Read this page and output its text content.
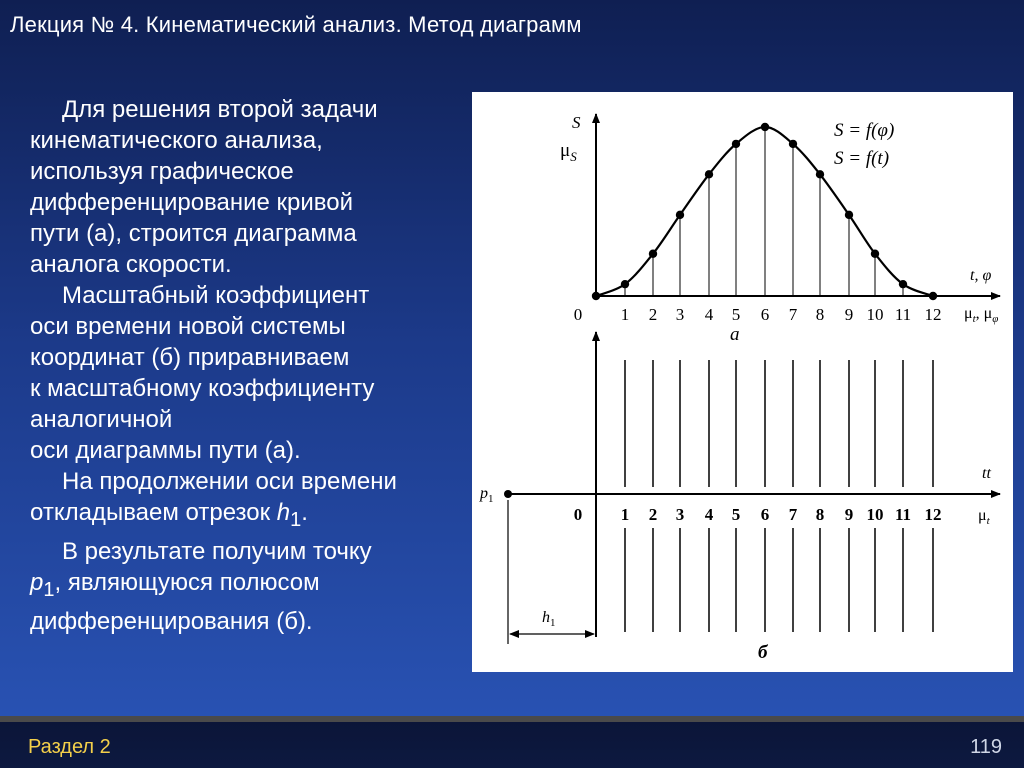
Лекция № 4. Кинематический анализ. Метод диаграмм

Для решения второй задачи

кинематического анализа,

используя графическое

дифференцирование кривой

пути (а), строится диаграмма

аналога скорости.

Масштабный коэффициент

оси времени новой системы

координат (б) приравниваем

к масштабному коэффициенту

аналогичной

оси диаграммы пути (а).

На продолжении оси времени

откладываем отрезок $h_1$.

В результате получим точку

$p_1$, являющуюся полюсом

дифференцирования (б).

0 1 2 3 4 5 6 7 8 9 10 11 12
S
$\mu_S$
S = f(φ)
S = f(t)
t, φ
$\mu_t$, $\mu_\varphi$
а
0 1 2 3 4 5 6 7 8 9 10 11 12
$p_1$
$h_1$
tt
$\mu_t$
б
Раздел 2	119
